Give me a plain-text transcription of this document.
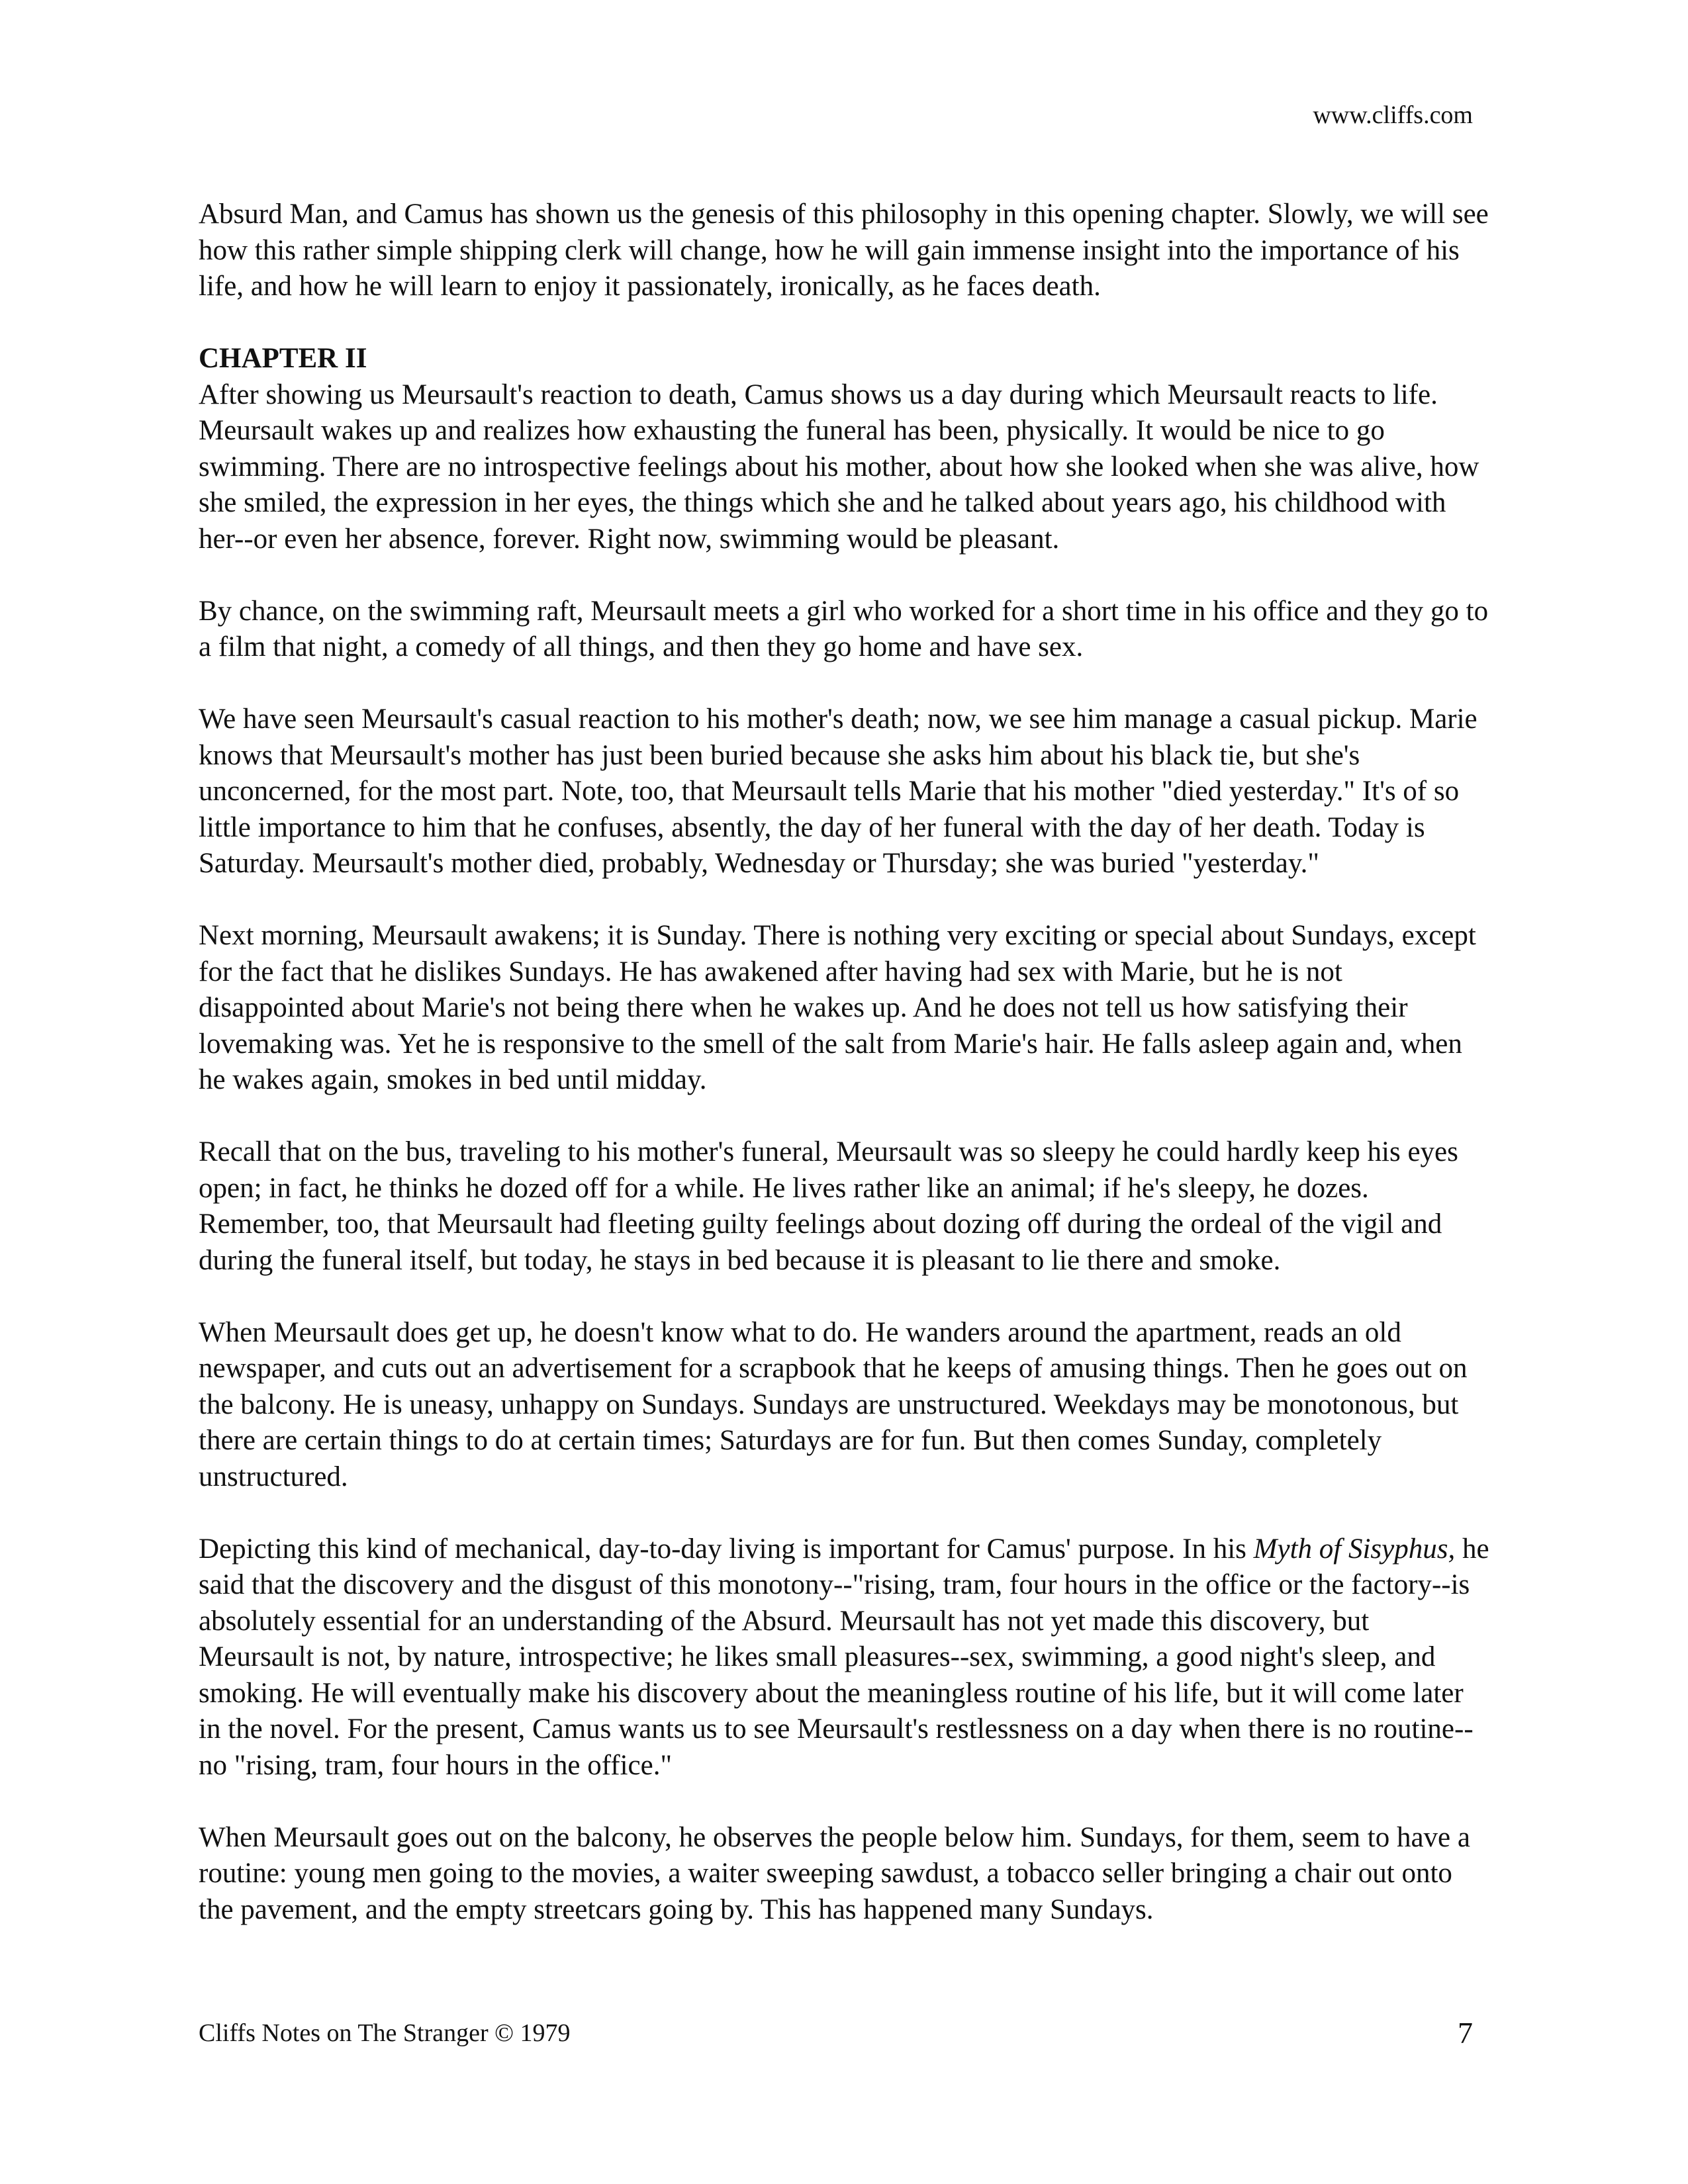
www.cliffs.com

Absurd Man, and Camus has shown us the genesis of this philosophy in this opening chapter. Slowly, we will see how this rather simple shipping clerk will change, how he will gain immense insight into the importance of his life, and how he will learn to enjoy it passionately, ironically, as he faces death.

CHAPTER II

After showing us Meursault's reaction to death, Camus shows us a day during which Meursault reacts to life. Meursault wakes up and realizes how exhausting the funeral has been, physically. It would be nice to go swimming. There are no introspective feelings about his mother, about how she looked when she was alive, how she smiled, the expression in her eyes, the things which she and he talked about years ago, his childhood with her--or even her absence, forever. Right now, swimming would be pleasant.

By chance, on the swimming raft, Meursault meets a girl who worked for a short time in his office and they go to a film that night, a comedy of all things, and then they go home and have sex.

We have seen Meursault's casual reaction to his mother's death; now, we see him manage a casual pickup. Marie knows that Meursault's mother has just been buried because she asks him about his black tie, but she's unconcerned, for the most part. Note, too, that Meursault tells Marie that his mother "died yesterday." It's of so little importance to him that he confuses, absently, the day of her funeral with the day of her death. Today is Saturday. Meursault's mother died, probably, Wednesday or Thursday; she was buried "yesterday."

Next morning, Meursault awakens; it is Sunday. There is nothing very exciting or special about Sundays, except for the fact that he dislikes Sundays. He has awakened after having had sex with Marie, but he is not disappointed about Marie's not being there when he wakes up. And he does not tell us how satisfying their lovemaking was. Yet he is responsive to the smell of the salt from Marie's hair. He falls asleep again and, when he wakes again, smokes in bed until midday.

Recall that on the bus, traveling to his mother's funeral, Meursault was so sleepy he could hardly keep his eyes open; in fact, he thinks he dozed off for a while. He lives rather like an animal; if he's sleepy, he dozes. Remember, too, that Meursault had fleeting guilty feelings about dozing off during the ordeal of the vigil and during the funeral itself, but today, he stays in bed because it is pleasant to lie there and smoke.

When Meursault does get up, he doesn't know what to do. He wanders around the apartment, reads an old newspaper, and cuts out an advertisement for a scrapbook that he keeps of amusing things. Then he goes out on the balcony. He is uneasy, unhappy on Sundays. Sundays are unstructured. Weekdays may be monotonous, but there are certain things to do at certain times; Saturdays are for fun. But then comes Sunday, completely unstructured.

Depicting this kind of mechanical, day-to-day living is important for Camus' purpose. In his Myth of Sisyphus, he said that the discovery and the disgust of this monotony--"rising, tram, four hours in the office or the factory--is absolutely essential for an understanding of the Absurd. Meursault has not yet made this discovery, but Meursault is not, by nature, introspective; he likes small pleasures--sex, swimming, a good night's sleep, and smoking. He will eventually make his discovery about the meaningless routine of his life, but it will come later in the novel. For the present, Camus wants us to see Meursault's restlessness on a day when there is no routine--no "rising, tram, four hours in the office."

When Meursault goes out on the balcony, he observes the people below him. Sundays, for them, seem to have a routine: young men going to the movies, a waiter sweeping sawdust, a tobacco seller bringing a chair out onto the pavement, and the empty streetcars going by. This has happened many Sundays.

Cliffs Notes on The Stranger © 1979	7
